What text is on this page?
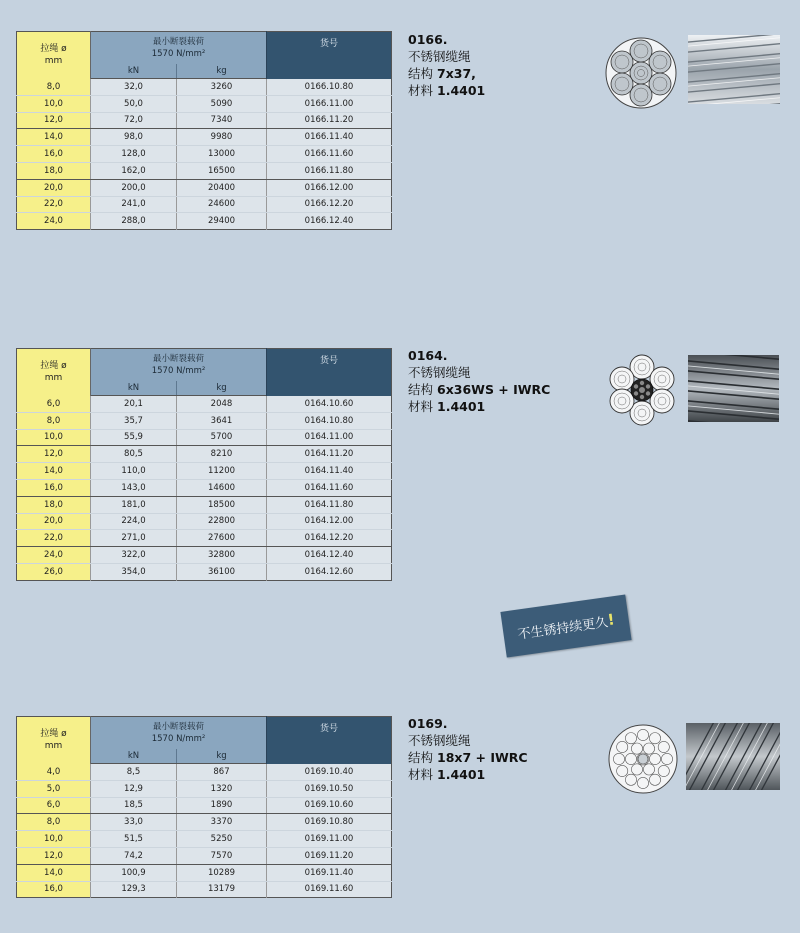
拉绳 ø
mm	最小断裂载荷
1570 N/mm²		货号
	kN	kg	
8,0	32,0	3260	0166.10.80
10,0	50,0	5090	0166.11.00
12,0	72,0	7340	0166.11.20
14,0	98,0	9980	0166.11.40
16,0	128,0	13000	0166.11.60
18,0	162,0	16500	0166.11.80
20,0	200,0	20400	0166.12.00
22,0	241,0	24600	0166.12.20
24,0	288,0	29400	0166.12.40
0166.
不锈钢缆绳
结构 7x37,
材料 1.4401
拉绳 ø
mm	最小断裂载荷
1570 N/mm²		货号
	kN	kg	
6,0	20,1	2048	0164.10.60
8,0	35,7	3641	0164.10.80
10,0	55,9	5700	0164.11.00
12,0	80,5	8210	0164.11.20
14,0	110,0	11200	0164.11.40
16,0	143,0	14600	0164.11.60
18,0	181,0	18500	0164.11.80
20,0	224,0	22800	0164.12.00
22,0	271,0	27600	0164.12.20
24,0	322,0	32800	0164.12.40
26,0	354,0	36100	0164.12.60
0164.
不锈钢缆绳
结构 6x36WS + IWRC
材料 1.4401
不生锈持续更久
!
拉绳 ø
mm	最小断裂载荷
1570 N/mm²		货号
	kN	kg	
4,0	8,5	867	0169.10.40
5,0	12,9	1320	0169.10.50
6,0	18,5	1890	0169.10.60
8,0	33,0	3370	0169.10.80
10,0	51,5	5250	0169.11.00
12,0	74,2	7570	0169.11.20
14,0	100,9	10289	0169.11.40
16,0	129,3	13179	0169.11.60
0169.
不锈钢缆绳
结构 18x7 + IWRC
材料 1.4401
